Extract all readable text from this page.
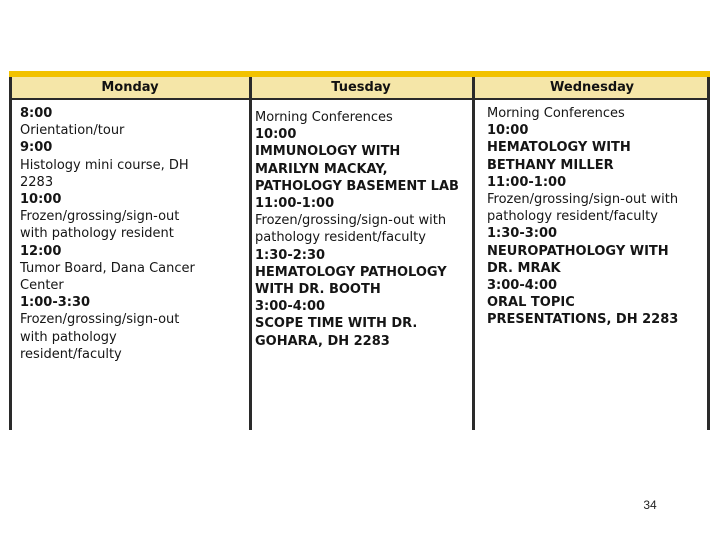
Monday	Tuesday	Wednesday
8:00
Orientation/tour
9:00
Histology mini course, DH
2283
10:00
Frozen/grossing/sign-out
with pathology resident
12:00
Tumor Board, Dana Cancer
Center
1:00-3:30
Frozen/grossing/sign-out
with pathology
resident/faculty
Morning Conferences
10:00
IMMUNOLOGY WITH
MARILYN MACKAY,
PATHOLOGY BASEMENT LAB
11:00-1:00
Frozen/grossing/sign-out with
pathology resident/faculty
1:30-2:30
HEMATOLOGY PATHOLOGY
WITH DR. BOOTH
3:00-4:00
SCOPE TIME WITH DR.
GOHARA, DH 2283
Morning Conferences
10:00
HEMATOLOGY WITH
BETHANY MILLER
11:00-1:00
Frozen/grossing/sign-out with
pathology resident/faculty
1:30-3:00
NEUROPATHOLOGY WITH
DR. MRAK
3:00-4:00
ORAL TOPIC
PRESENTATIONS, DH 2283
34
